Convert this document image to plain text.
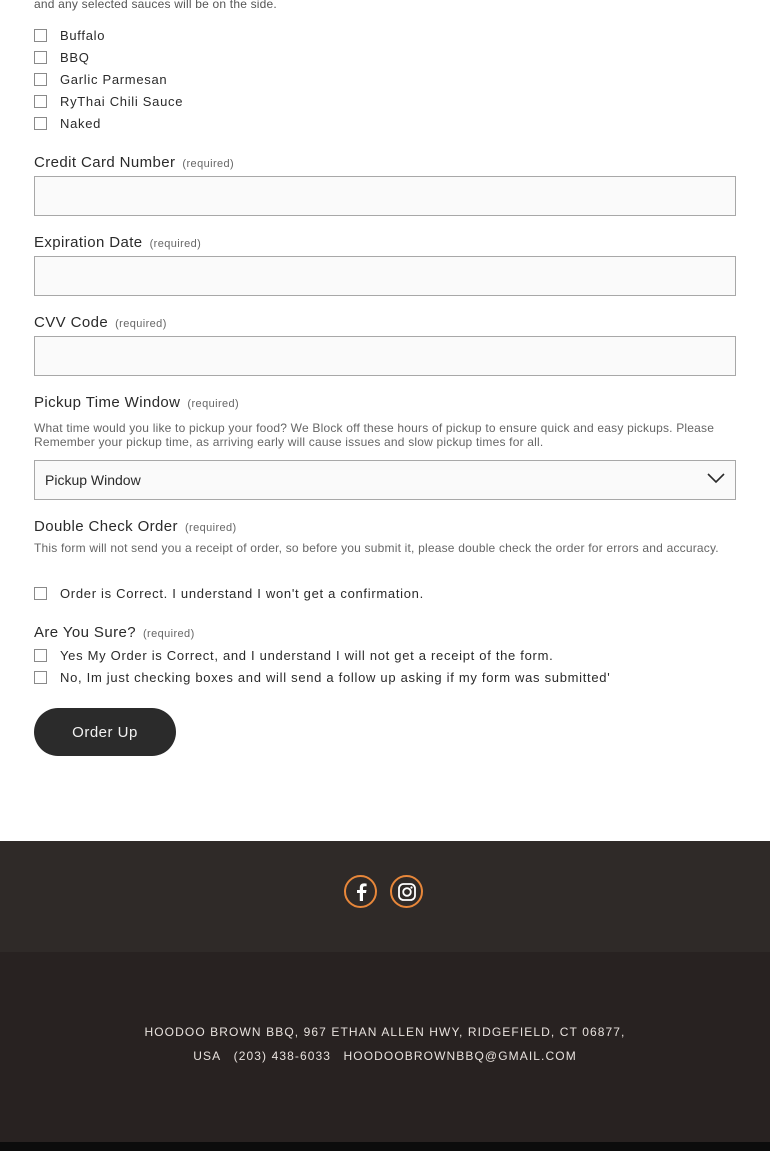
and any selected sauces will be on the side.
Buffalo
BBQ
Garlic Parmesan
RyThai Chili Sauce
Naked
Credit Card Number (required)
Expiration Date (required)
CVV Code (required)
Pickup Time Window (required)
What time would you like to pickup your food? We Block off these hours of pickup to ensure quick and easy pickups. Please Remember your pickup time, as arriving early will cause issues and slow pickup times for all.
Pickup Window
Double Check Order (required)
This form will not send you a receipt of order, so before you submit it, please double check the order for errors and accuracy.
Order is Correct. I understand I won't get a confirmation.
Are You Sure? (required)
Yes My Order is Correct, and I understand I will not get a receipt of the form.
No, Im just checking boxes and will send a follow up asking if my form was submitted'
Order Up
HOODOO BROWN BBQ, 967 ETHAN ALLEN HWY, RIDGEFIELD, CT 06877,
USA (203) 438-6033 HOODOOBROWNBBQ@GMAIL.COM
